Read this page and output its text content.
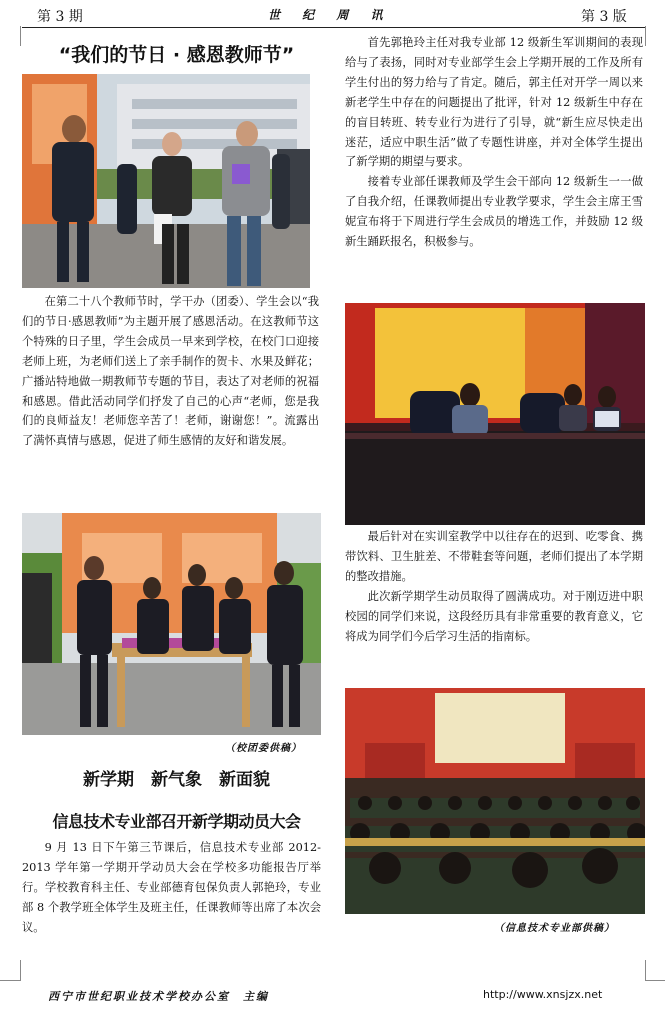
第 3 期	世 纪 周 讯	第 3 版
“我们的节日 · 感恩教师节”

在第二十八个教师节时，学干办（团委）、学生会以“我们的节日·感恩教师”为主题开展了感恩活动。在这教师节这个特殊的日子里，学生会成员一早来到学校，在校门口迎接老师上班，为老师们送上了亲手制作的贺卡、水果及鲜花；广播站特地做一期教师节专题的节目，表达了对老师的祝福和感恩。借此活动同学们抒发了自己的心声“老师，您是我们的良师益友！老师您辛苦了！老师，谢谢您！”。流露出了满怀真情与感恩，促进了师生感情的友好和谐发展。

（校团委供稿）
新学期　新气象　新面貌
信息技术专业部召开新学期动员大会

9 月 13 日下午第三节课后，信息技术专业部 2012-2013 学年第一学期开学动员大会在学校多功能报告厅举行。学校教育科主任、专业部德育包保负责人郭艳玲，专业部 8 个教学班全体学生及班主任，任课教师等出席了本次会议。

首先郭艳玲主任对我专业部 12 级新生军训期间的表现给与了表扬，同时对专业部学生会上学期开展的工作及所有学生付出的努力给与了肯定。随后，郭主任对开学一周以来新老学生中存在的问题提出了批评，针对 12 级新生中存在的盲目转班、转专业行为进行了引导，就“新生应尽快走出迷茫，适应中职生活”做了专题性讲座，并对全体学生提出了新学期的期望与要求。

接着专业部任课教师及学生会干部向 12 级新生一一做了自我介绍，任课教师提出专业教学要求，学生会主席王雪妮宣布将于下周进行学生会成员的增选工作，并鼓励 12 级新生踊跃报名，积极参与。

最后针对在实训室教学中以往存在的迟到、吃零食、携带饮料、卫生脏差、不带鞋套等问题，老师们提出了本学期的整改措施。

此次新学期学生动员取得了圆满成功。对于刚迈进中职校园的同学们来说，这段经历具有非常重要的教育意义，它将成为同学们今后学习生活的指南标。

（信息技术专业部供稿）
西宁市世纪职业技术学校办公室　主编	http://www.xnsjzx.net
